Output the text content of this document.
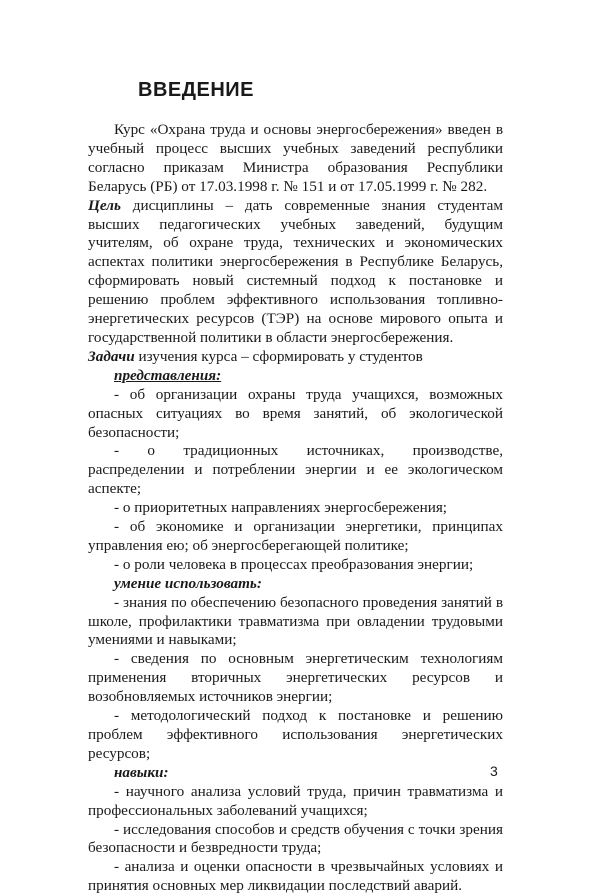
ВВЕДЕНИЕ

Курс «Охрана труда и основы энергосбережения» введен в учебный процесс высших учебных заведений республики согласно приказам Министра образования Республики Беларусь (РБ) от 17.03.1998 г. № 151 и от 17.05.1999 г. № 282.

Цель дисциплины – дать современные знания студентам высших педагогических учебных заведений, будущим учителям, об охране труда, технических и экономических аспектах политики энергосбережения в Республике Беларусь, сформировать новый системный подход к постановке и решению проблем эффективного использования топливно-энергетических ресурсов (ТЭР) на основе мирового опыта и государственной политики в области энергосбережения.

Задачи изучения курса – сформировать у студентов

представления:

- об организации охраны труда учащихся, возможных опасных ситуациях во время занятий, об экологической безопасности;

- о традиционных источниках, производстве, распределении и потреблении энергии и ее экологическом аспекте;

- о приоритетных направлениях энергосбережения;

- об экономике и организации энергетики, принципах управления ею; об энергосберегающей политике;

- о роли человека в процессах преобразования энергии;

умение использовать:

- знания по обеспечению безопасного проведения занятий в школе, профилактики травматизма при овладении трудовыми умениями и навыками;

- сведения по основным энергетическим технологиям применения вторичных энергетических ресурсов и возобновляемых источников энергии;

- методологический подход к постановке и решению проблем эффективного использования энергетических ресурсов;

навыки:

- научного анализа условий труда, причин травматизма и профессиональных заболеваний учащихся;

- исследования способов и средств обучения с точки зрения безопасности и безвредности труда;

- анализа и оценки опасности в чрезвычайных условиях и принятия основных мер ликвидации последствий аварий.

3
